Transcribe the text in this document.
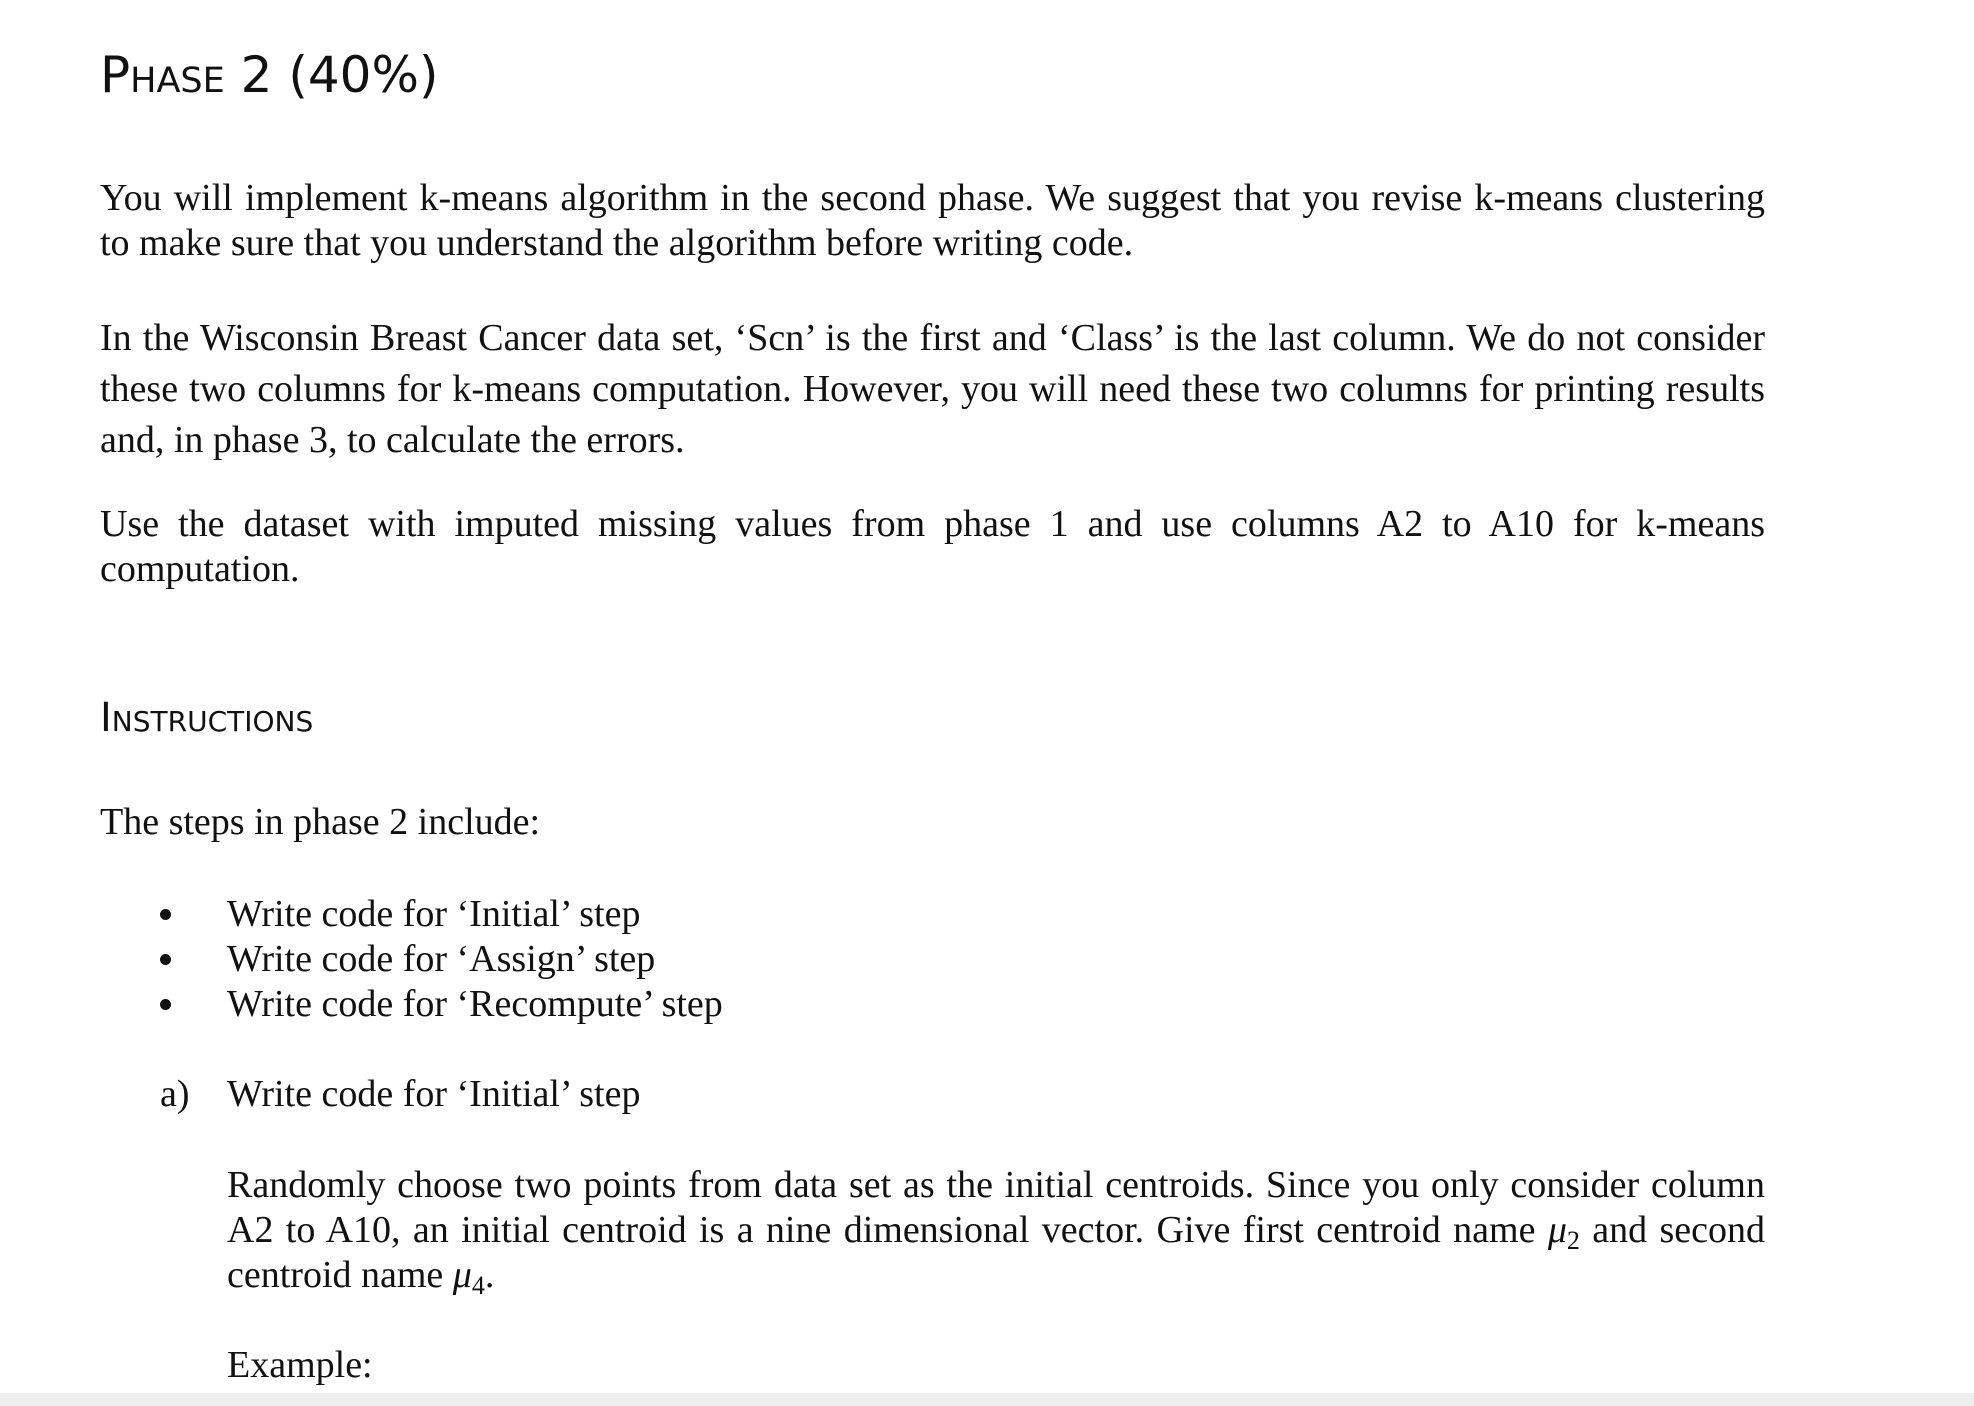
Phase 2 (40%)

You will implement k-means algorithm in the second phase. We suggest that you revise k-means clustering to make sure that you understand the algorithm before writing code.

In the Wisconsin Breast Cancer data set, ‘Scn’ is the first and ‘Class’ is the last column. We do not consider these two columns for k-means computation. However, you will need these two columns for printing results and, in phase 3, to calculate the errors.

Use the dataset with imputed missing values from phase 1 and use columns A2 to A10 for k-means computation.

Instructions

The steps in phase 2 include:

Write code for ‘Initial’ step
Write code for ‘Assign’ step
Write code for ‘Recompute’ step
a) Write code for ‘Initial’ step

Randomly choose two points from data set as the initial centroids. Since you only consider column A2 to A10, an initial centroid is a nine dimensional vector. Give first centroid name $\mu_2$ and second centroid name $\mu_4$.

Example:
